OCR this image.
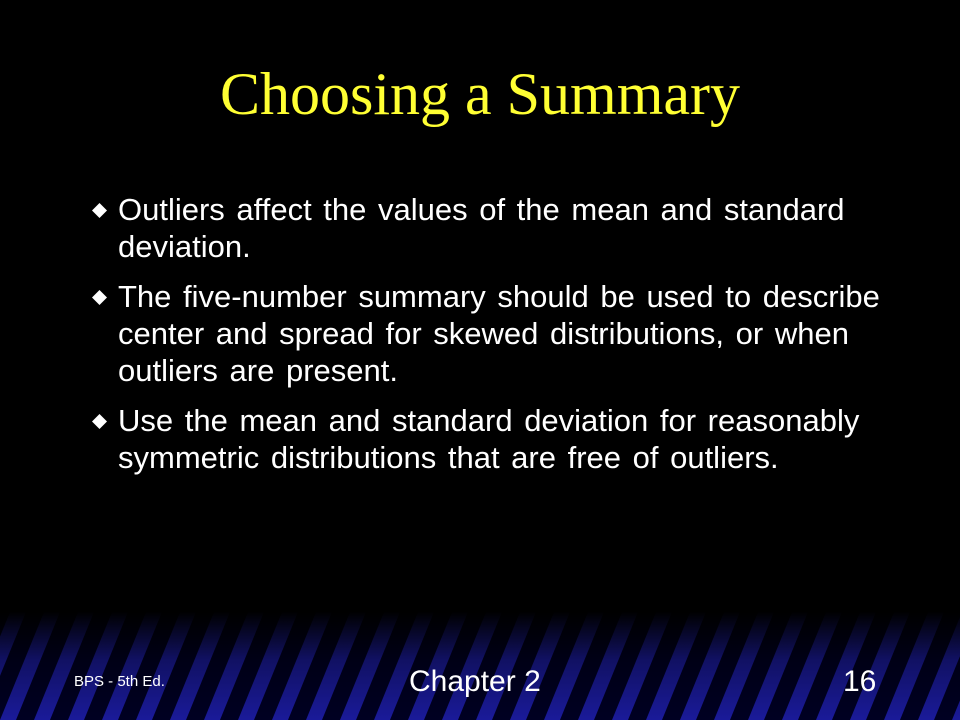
Choosing a Summary
Outliers affect the values of the mean and standard deviation.
The five-number summary should be used to describe center and spread for skewed distributions, or when outliers are present.
Use the mean and standard deviation for reasonably symmetric distributions that are free of outliers.
BPS - 5th Ed.	Chapter 2	16
